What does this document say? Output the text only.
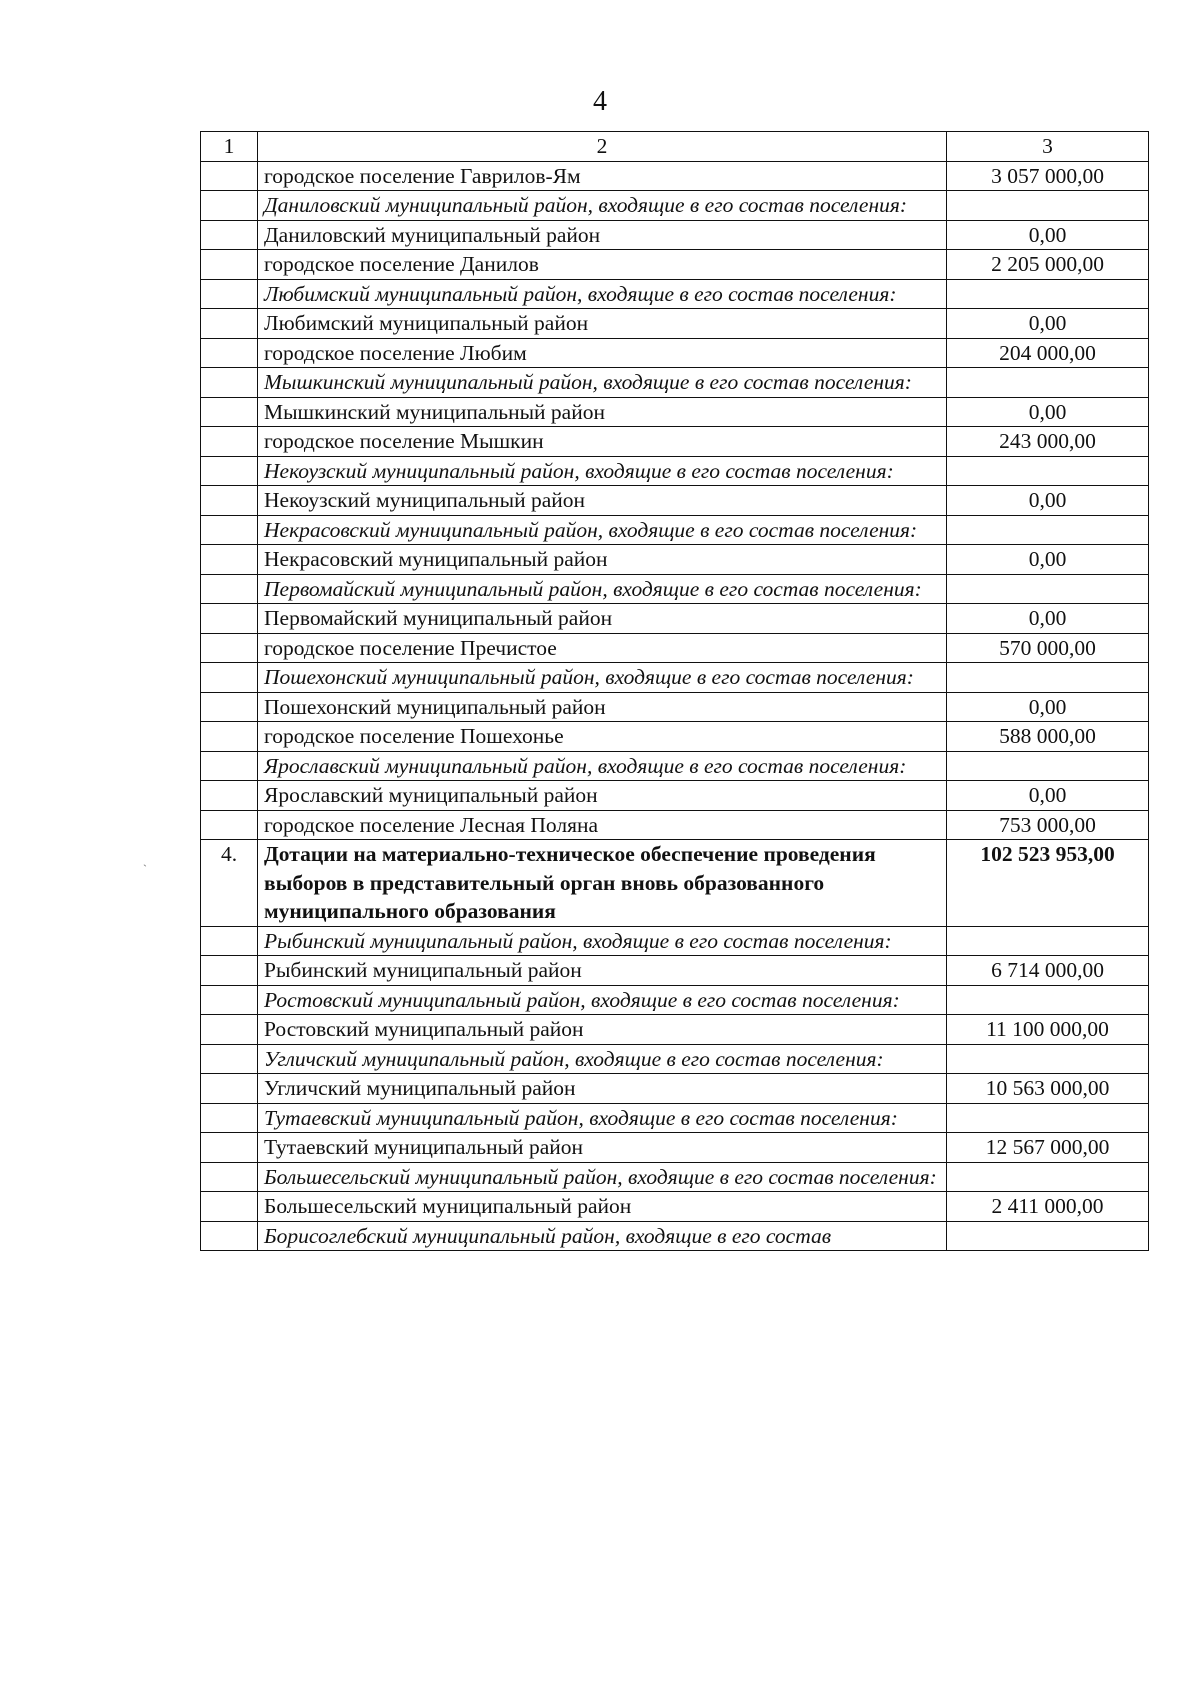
4
`
1	2	3
	городское поселение Гаврилов-Ям	3 057 000,00
	Даниловский муниципальный район, входящие в его состав поселения:	
	Даниловский муниципальный район	0,00
	городское поселение Данилов	2 205 000,00
	Любимский муниципальный район, входящие в его состав поселения:	
	Любимский муниципальный район	0,00
	городское поселение Любим	204 000,00
	Мышкинский муниципальный район, входящие в его состав поселения:	
	Мышкинский муниципальный район	0,00
	городское поселение Мышкин	243 000,00
	Некоузский муниципальный район, входящие в его состав поселения:	
	Некоузский муниципальный район	0,00
	Некрасовский муниципальный район, входящие в его состав поселения:	
	Некрасовский муниципальный район	0,00
	Первомайский муниципальный район, входящие в его состав поселения:	
	Первомайский муниципальный район	0,00
	городское поселение Пречистое	570 000,00
	Пошехонский муниципальный район, входящие в его состав поселения:	
	Пошехонский муниципальный район	0,00
	городское поселение Пошехонье	588 000,00
	Ярославский муниципальный район, входящие в его состав поселения:	
	Ярославский муниципальный район	0,00
	городское поселение Лесная Поляна	753 000,00
4.	Дотации на материально-техническое обеспечение проведения выборов в представительный орган вновь образованного муниципального образования	102 523 953,00
	Рыбинский муниципальный район, входящие в его состав поселения:	
	Рыбинский муниципальный район	6 714 000,00
	Ростовский муниципальный район, входящие в его состав поселения:	
	Ростовский муниципальный район	11 100 000,00
	Угличский муниципальный район, входящие в его состав поселения:	
	Угличский муниципальный район	10 563 000,00
	Тутаевский муниципальный район, входящие в его состав поселения:	
	Тутаевский муниципальный район	12 567 000,00
	Большесельский муниципальный район, входящие в его состав поселения:	
	Большесельский муниципальный район	2 411 000,00
	Борисоглебский муниципальный район, входящие в его состав	
